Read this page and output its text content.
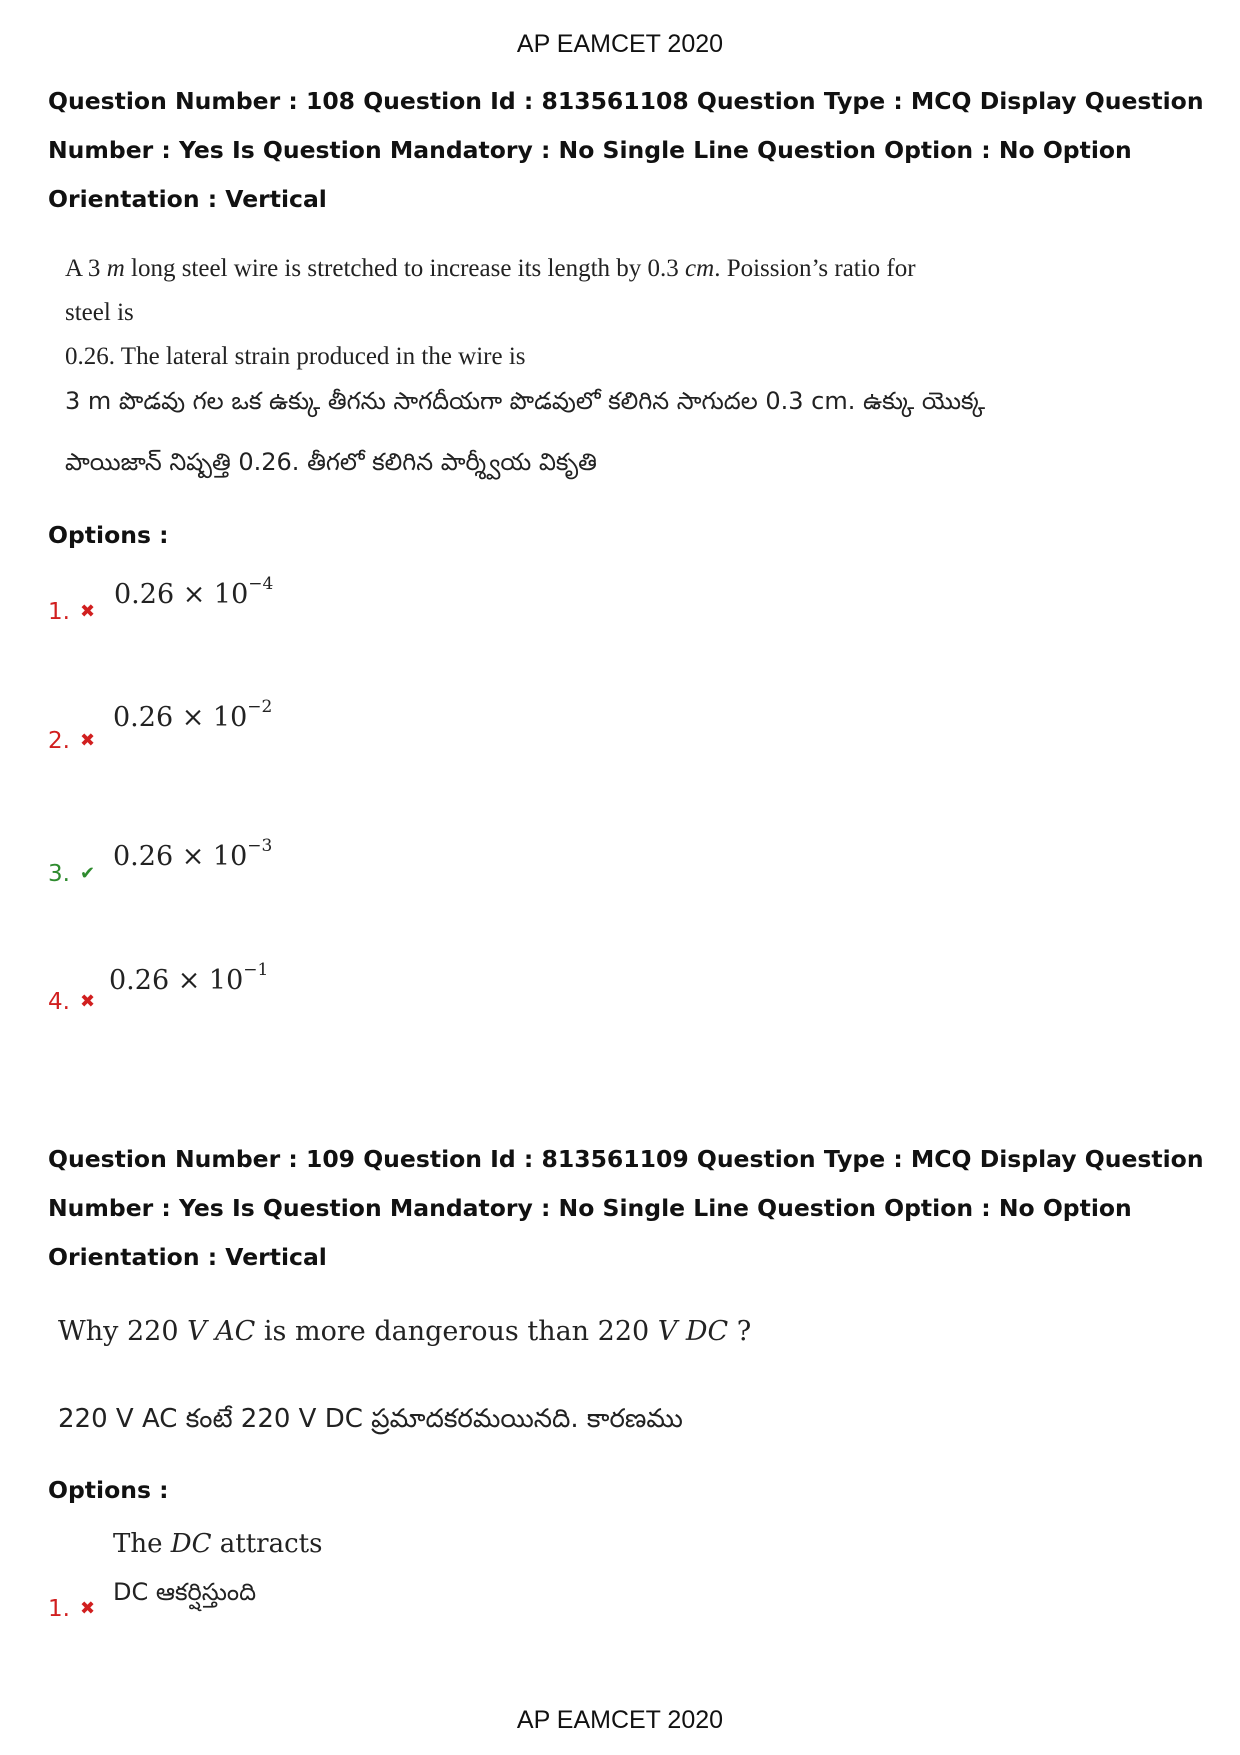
AP EAMCET 2020
Question Number : 108 Question Id : 813561108 Question Type : MCQ Display Question
Number : Yes Is Question Mandatory : No Single Line Question Option : No Option
Orientation : Vertical
A 3 m long steel wire is stretched to increase its length by 0.3 cm. Poission’s ratio for steel is
0.26. The lateral strain produced in the wire is
3 m పొడవు గల ఒక ఉక్కు తీగను సాగదీయగా పొడవులో కలిగిన సాగుదల 0.3 cm. ఉక్కు యొక్క
పాయిజాన్ నిష్పత్తి 0.26. తీగలో కలిగిన పార్శ్వీయ వికృతి
Options :
1. ✖
$0.26 \times 10^{-4}$
2. ✖
$0.26 \times 10^{-2}$
3. ✔
$0.26 \times 10^{-3}$
4. ✖
$0.26 \times 10^{-1}$
Question Number : 109 Question Id : 813561109 Question Type : MCQ Display Question
Number : Yes Is Question Mandatory : No Single Line Question Option : No Option
Orientation : Vertical
Why 220 V AC is more dangerous than 220 V DC ?
220 V AC కంటే 220 V DC ప్రమాదకరమయినది. కారణము
Options :
1. ✖
The DC attracts
DC ఆకర్షిస్తుంది
AP EAMCET 2020
